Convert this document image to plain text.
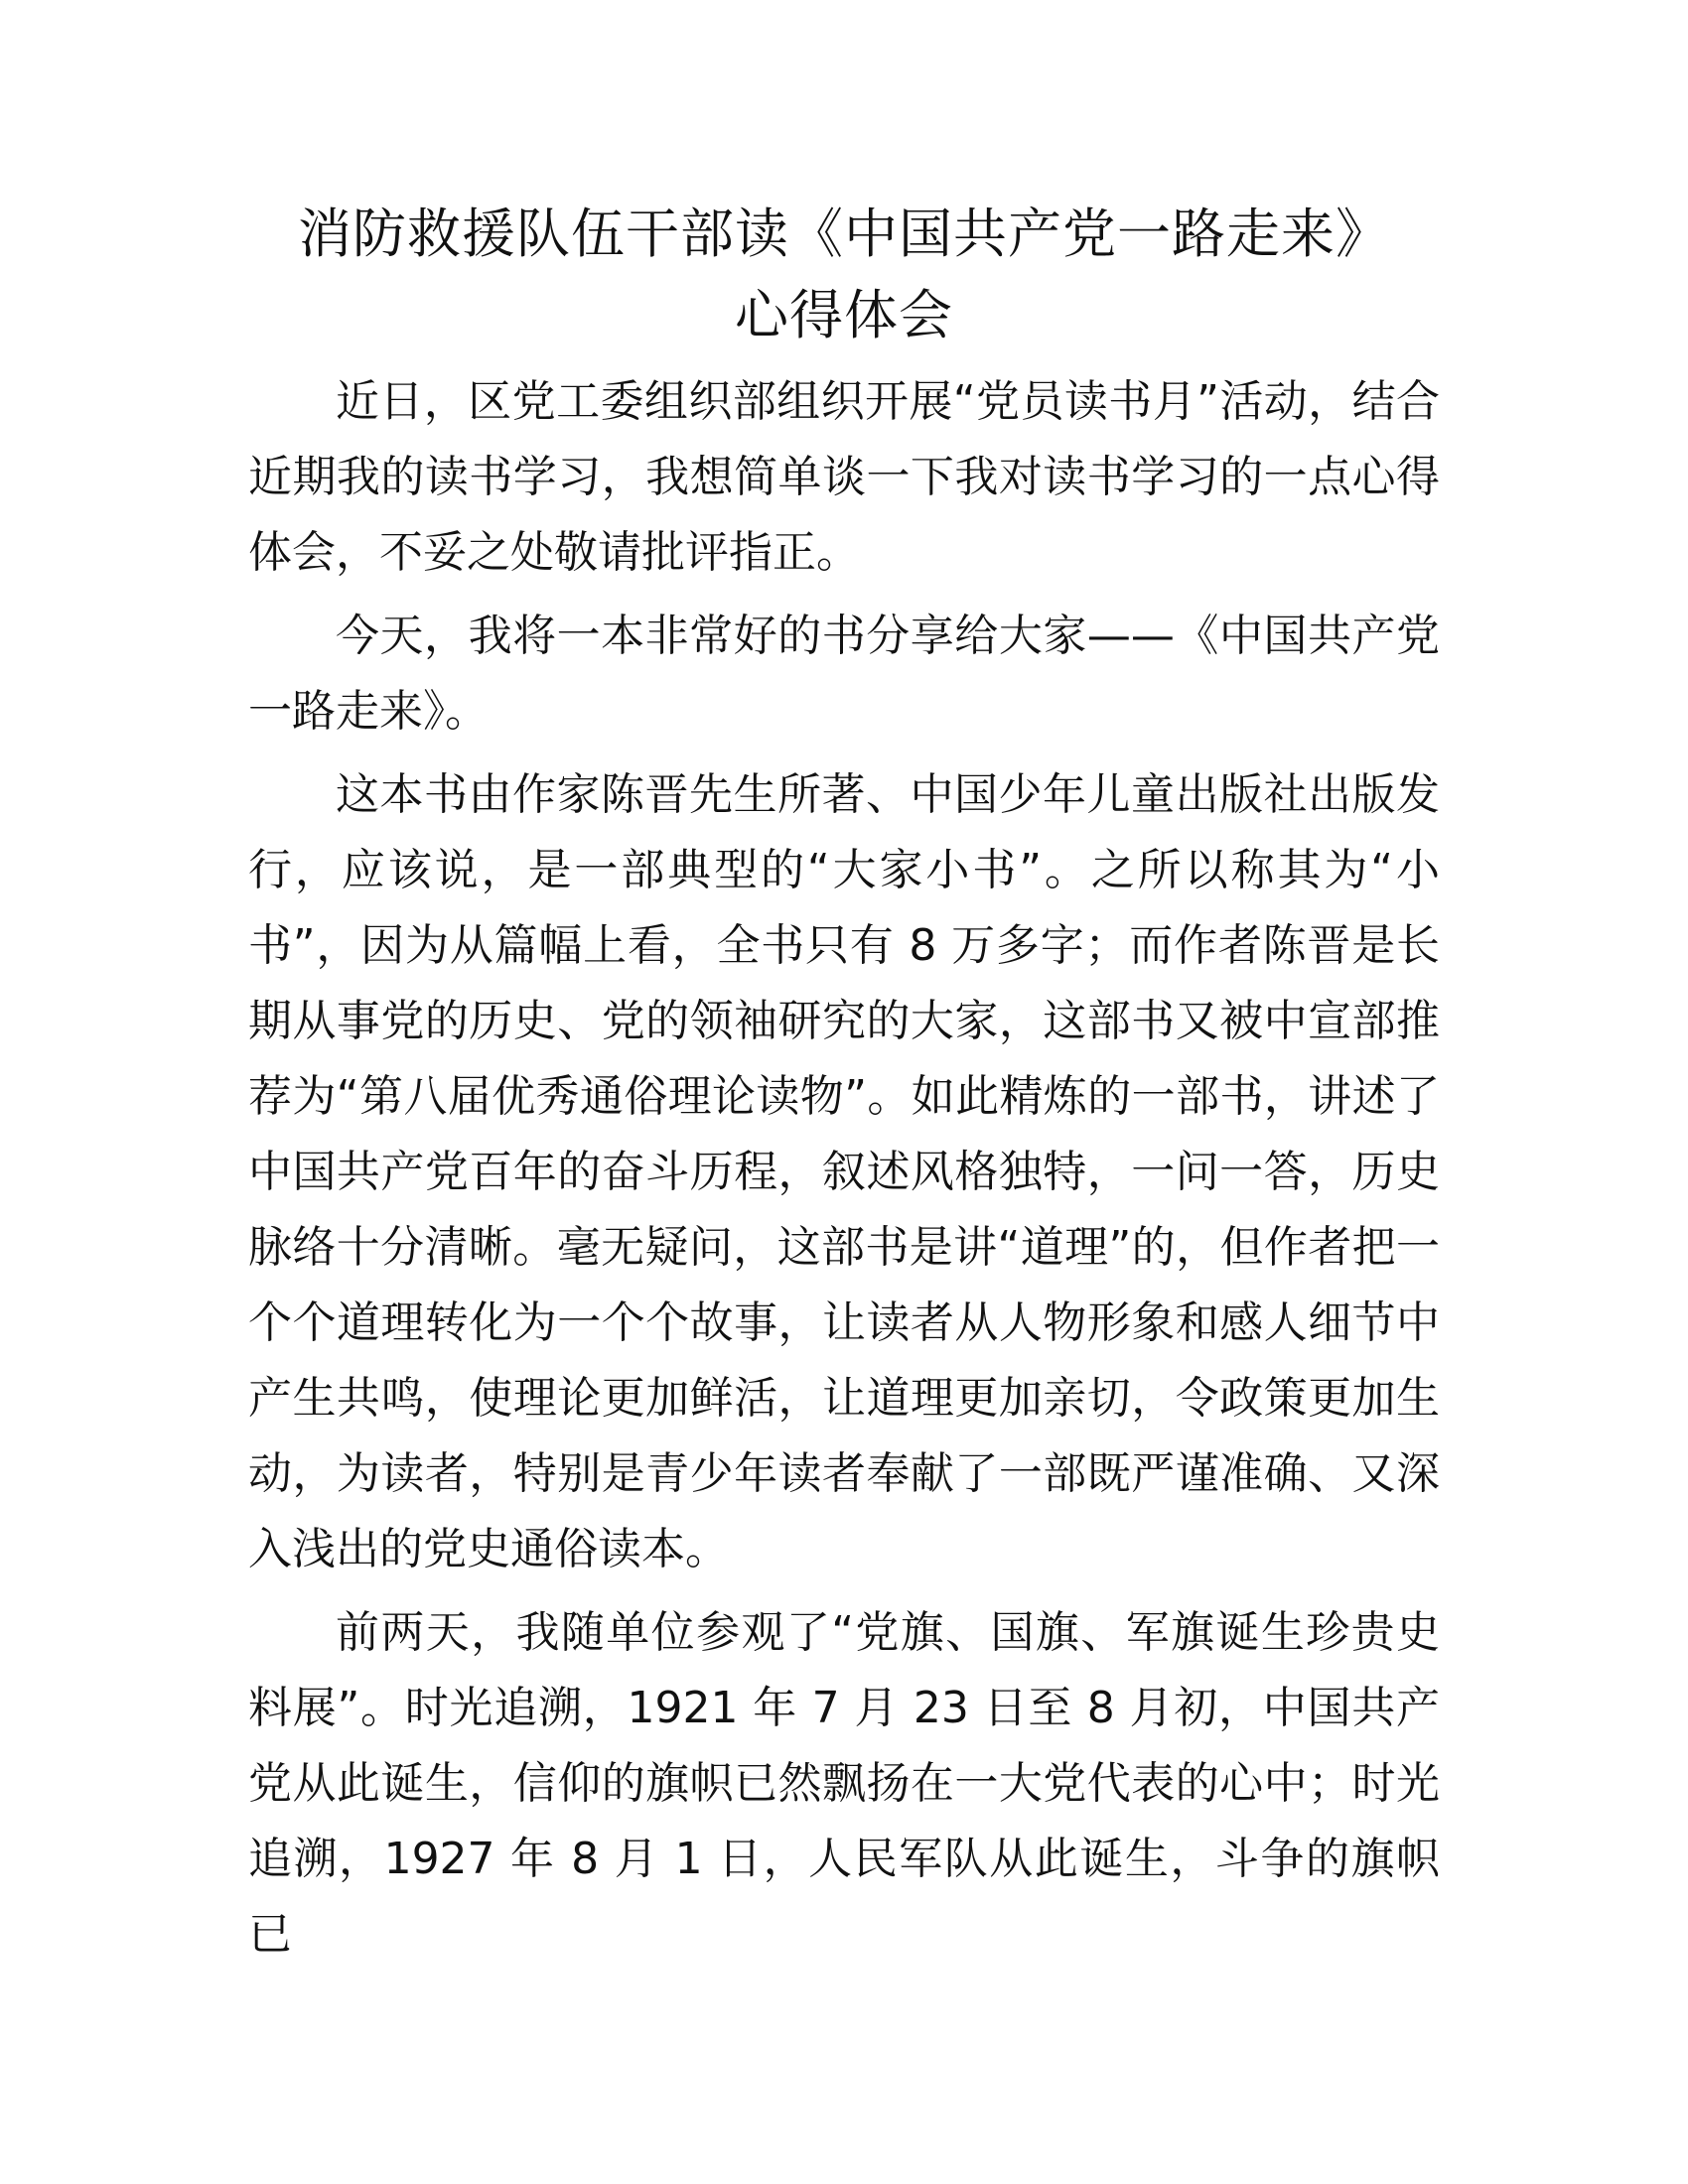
消防救援队伍干部读《中国共产党一路走来》
心得体会

近日，区党工委组织部组织开展“党员读书月”活动，结合近期我的读书学习，我想简单谈一下我对读书学习的一点心得体会，不妥之处敬请批评指正。

今天，我将一本非常好的书分享给大家——《中国共产党一路走来》。

这本书由作家陈晋先生所著、中国少年儿童出版社出版发行，应该说，是一部典型的“大家小书”。之所以称其为“小书”，因为从篇幅上看，全书只有 8 万多字；而作者陈晋是长期从事党的历史、党的领袖研究的大家，这部书又被中宣部推荐为“第八届优秀通俗理论读物”。如此精炼的一部书，讲述了中国共产党百年的奋斗历程，叙述风格独特，一问一答，历史脉络十分清晰。毫无疑问，这部书是讲“道理”的，但作者把一个个道理转化为一个个故事，让读者从人物形象和感人细节中产生共鸣，使理论更加鲜活，让道理更加亲切，令政策更加生动，为读者，特别是青少年读者奉献了一部既严谨准确、又深入浅出的党史通俗读本。

前两天，我随单位参观了“党旗、国旗、军旗诞生珍贵史料展”。时光追溯，1921 年 7 月 23 日至 8 月初，中国共产党从此诞生，信仰的旗帜已然飘扬在一大党代表的心中；时光追溯，1927 年 8 月 1 日，人民军队从此诞生，斗争的旗帜已
